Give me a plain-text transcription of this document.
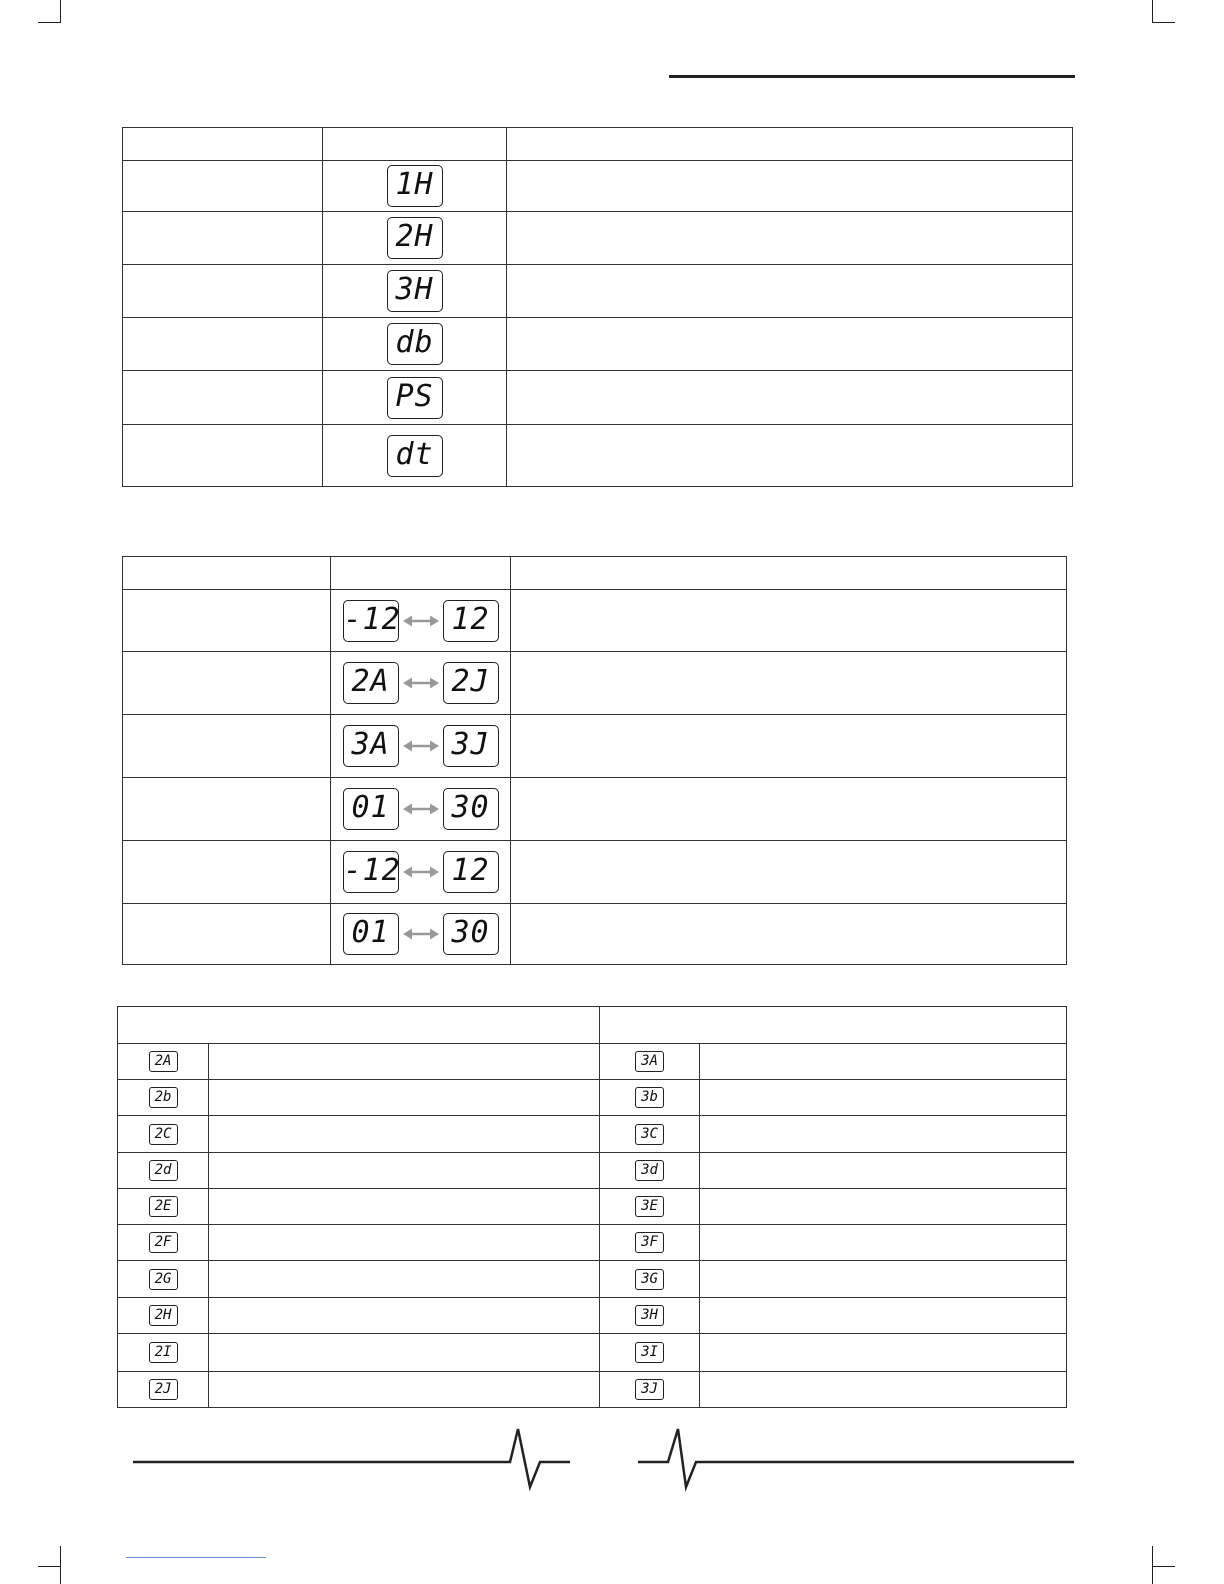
	1H	
	2H	
	3H	
	db	
	PS	
	dt	

	-12 12	

	2A 2J	

	3A 3J	

	01 30	

	-12 12	

	01 30	

2A		3A	
2b		3b	
2C		3C	
2d		3d	
2E		3E	
2F		3F	
2G		3G	
2H		3H	
2I		3I	
2J		3J	
